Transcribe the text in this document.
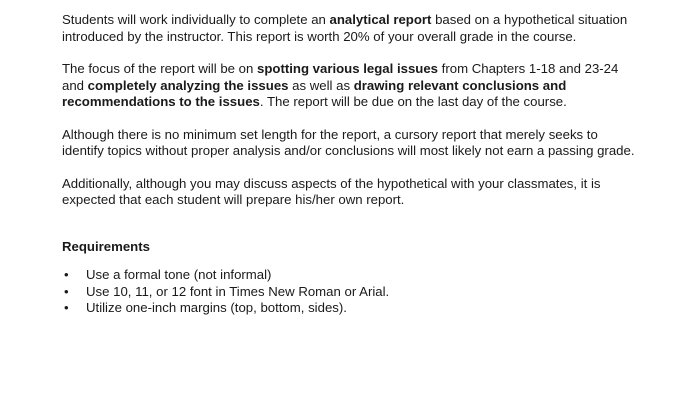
Students will work individually to complete an analytical report based on a hypothetical situation introduced by the instructor. This report is worth 20% of your overall grade in the course.

The focus of the report will be on spotting various legal issues from Chapters 1-18 and 23-24 and completely analyzing the issues as well as drawing relevant conclusions and recommendations to the issues. The report will be due on the last day of the course.

Although there is no minimum set length for the report, a cursory report that merely seeks to identify topics without proper analysis and/or conclusions will most likely not earn a passing grade.

Additionally, although you may discuss aspects of the hypothetical with your classmates, it is expected that each student will prepare his/her own report.

Requirements
• Use a formal tone (not informal)
• Use 10, 11, or 12 font in Times New Roman or Arial.
• Utilize one-inch margins (top, bottom, sides).
